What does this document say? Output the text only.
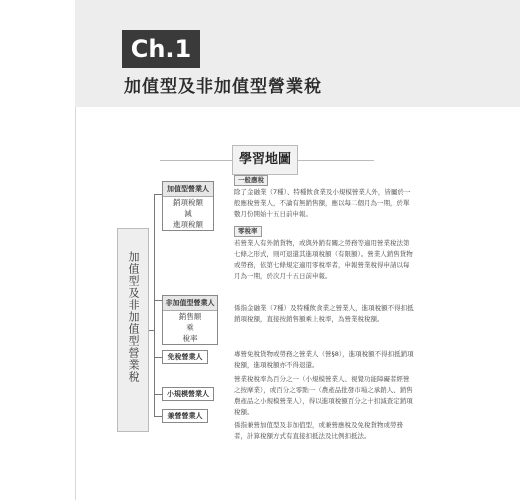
Ch.1
加值型及非加值型營業稅
學習地圖
加值型及非加值型營業稅
加值型營業人
銷項稅額
減
進項稅額
非加值型營業人
銷售額
乘
稅率
免稅營業人
小規模營業人
兼營營業人
一般應稅
除了金融業（7種）、特種飲食業及小規模營業人外，皆屬於一般應稅營業人，不論有無銷售額，應以每二個月為一期，於單數月份開始十五日前申報。
零稅率
若營業人有外銷貨物，或與外銷有關之勞務等適用營業稅法第七條之形式，則可退還其進項稅額（有限額）。營業人銷售貨物或勞務，依第七條規定適用零稅率者，申報營業稅得申請以每月為一期，於次月十五日前申報。
係指金融業（7種）及特種飲食業之營業人，進項稅額不得扣抵銷項稅額，直接按銷售額乘上稅率，為營業稅稅額。
專營免稅貨物或勞務之營業人（營§8），進項稅額不得扣抵銷項稅額，進項稅額亦不得退還。
營業稅稅率為百分之一（小規模營業人、視覺功能障礙者經營之按摩業），或百分之零點一（農產品批發市場之承銷人、銷售農產品之小規模營業人），得以進項稅額百分之十扣減查定銷項稅額。
係指兼營加值型及非加值型，或兼營應稅及免稅貨物或勞務者，計算稅額方式有直接扣抵法及比例扣抵法。
